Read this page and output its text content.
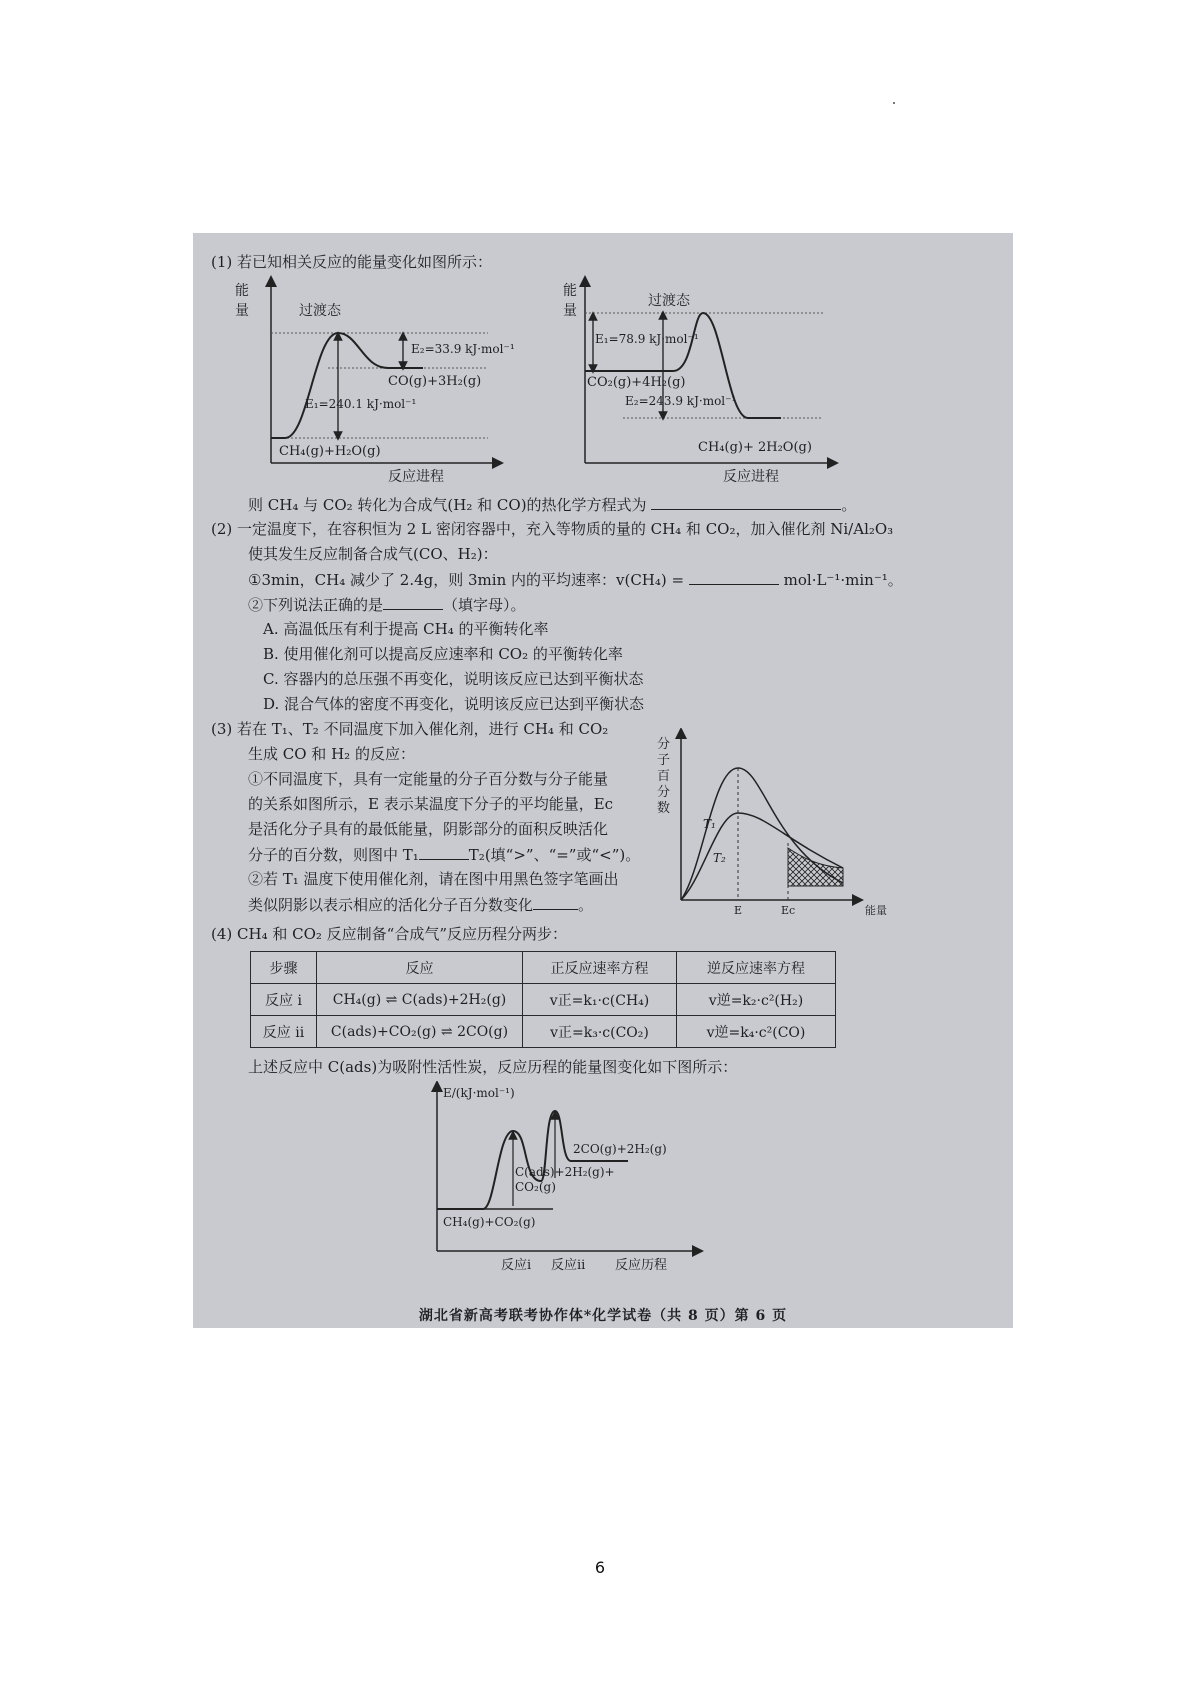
(1) 若已知相关反应的能量变化如图所示：
能
量	过渡态
E₂=33.9 kJ·mol⁻¹
CO(g)+3H₂(g)
E₁=240.1 kJ·mol⁻¹
CH₄(g)+H₂O(g)
反应进程
能
量
过渡态
E₁=78.9 kJ·mol⁻¹
CO₂(g)+4H₂(g)
E₂=243.9 kJ·mol⁻¹
CH₄(g)+ 2H₂O(g)
反应进程
则 CH₄ 与 CO₂ 转化为合成气(H₂ 和 CO)的热化学方程式为	。
(2) 一定温度下，在容积恒为 2 L 密闭容器中，充入等物质的量的 CH₄ 和 CO₂，加入催化剂 Ni/Al₂O₃
使其发生反应制备合成气(CO、H₂)：
①3min，CH₄ 减少了 2.4g，则 3min 内的平均速率：v(CH₄) =	mol·L⁻¹·min⁻¹。
②下列说法正确的是	（填字母）。
A. 高温低压有利于提高 CH₄ 的平衡转化率
B. 使用催化剂可以提高反应速率和 CO₂ 的平衡转化率
C. 容器内的总压强不再变化，说明该反应已达到平衡状态
D. 混合气体的密度不再变化，说明该反应已达到平衡状态
(3) 若在 T₁、T₂ 不同温度下加入催化剂，进行 CH₄ 和 CO₂
生成 CO 和 H₂ 的反应：
①不同温度下，具有一定能量的分子百分数与分子能量
的关系如图所示，E 表示某温度下分子的平均能量，Ec
是活化分子具有的最低能量，阴影部分的面积反映活化
分子的百分数，则图中 T₁	T₂(填“>”、“=”或“<”)。
②若 T₁ 温度下使用催化剂，请在图中用黑色签字笔画出
类似阴影以表示相应的活化分子百分数变化	。
分
子
百
分
数
T₁
T₂
E	Ec	能量
(4) CH₄ 和 CO₂ 反应制备“合成气”反应历程分两步：
步骤	反应	正反应速率方程	逆反应速率方程
反应 i	CH₄(g) ⇌ C(ads)+2H₂(g)	v正=k₁·c(CH₄)	v逆=k₂·c²(H₂)
反应 ii	C(ads)+CO₂(g) ⇌ 2CO(g)	v正=k₃·c(CO₂)	v逆=k₄·c²(CO)
上述反应中 C(ads)为吸附性活性炭，反应历程的能量图变化如下图所示：
E/(kJ·mol⁻¹)
2CO(g)+2H₂(g)
C(ads)+2H₂(g)+
CO₂(g)
CH₄(g)+CO₂(g)
反应i 反应ii 反应历程
湖北省新高考联考协作体*化学试卷（共 8 页）第 6 页
6
